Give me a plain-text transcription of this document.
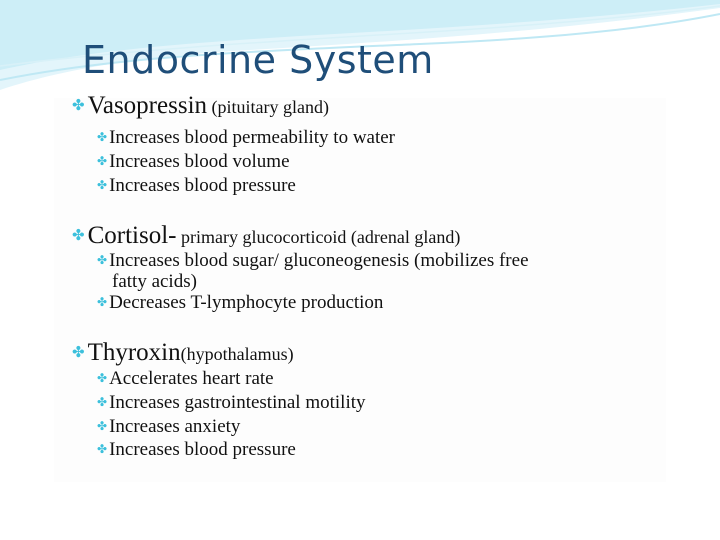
Endocrine System
✤ Vasopressin (pituitary gland)
✤ Increases blood permeability to water
✤ Increases blood volume
✤ Increases blood pressure
✤ Cortisol- primary glucocorticoid (adrenal gland)
✤ Increases blood sugar/ gluconeogenesis (mobilizes free
fatty acids)
✤ Decreases T-lymphocyte production
✤ Thyroxin(hypothalamus)
✤ Accelerates heart rate
✤ Increases gastrointestinal motility
✤ Increases anxiety
✤ Increases blood pressure
